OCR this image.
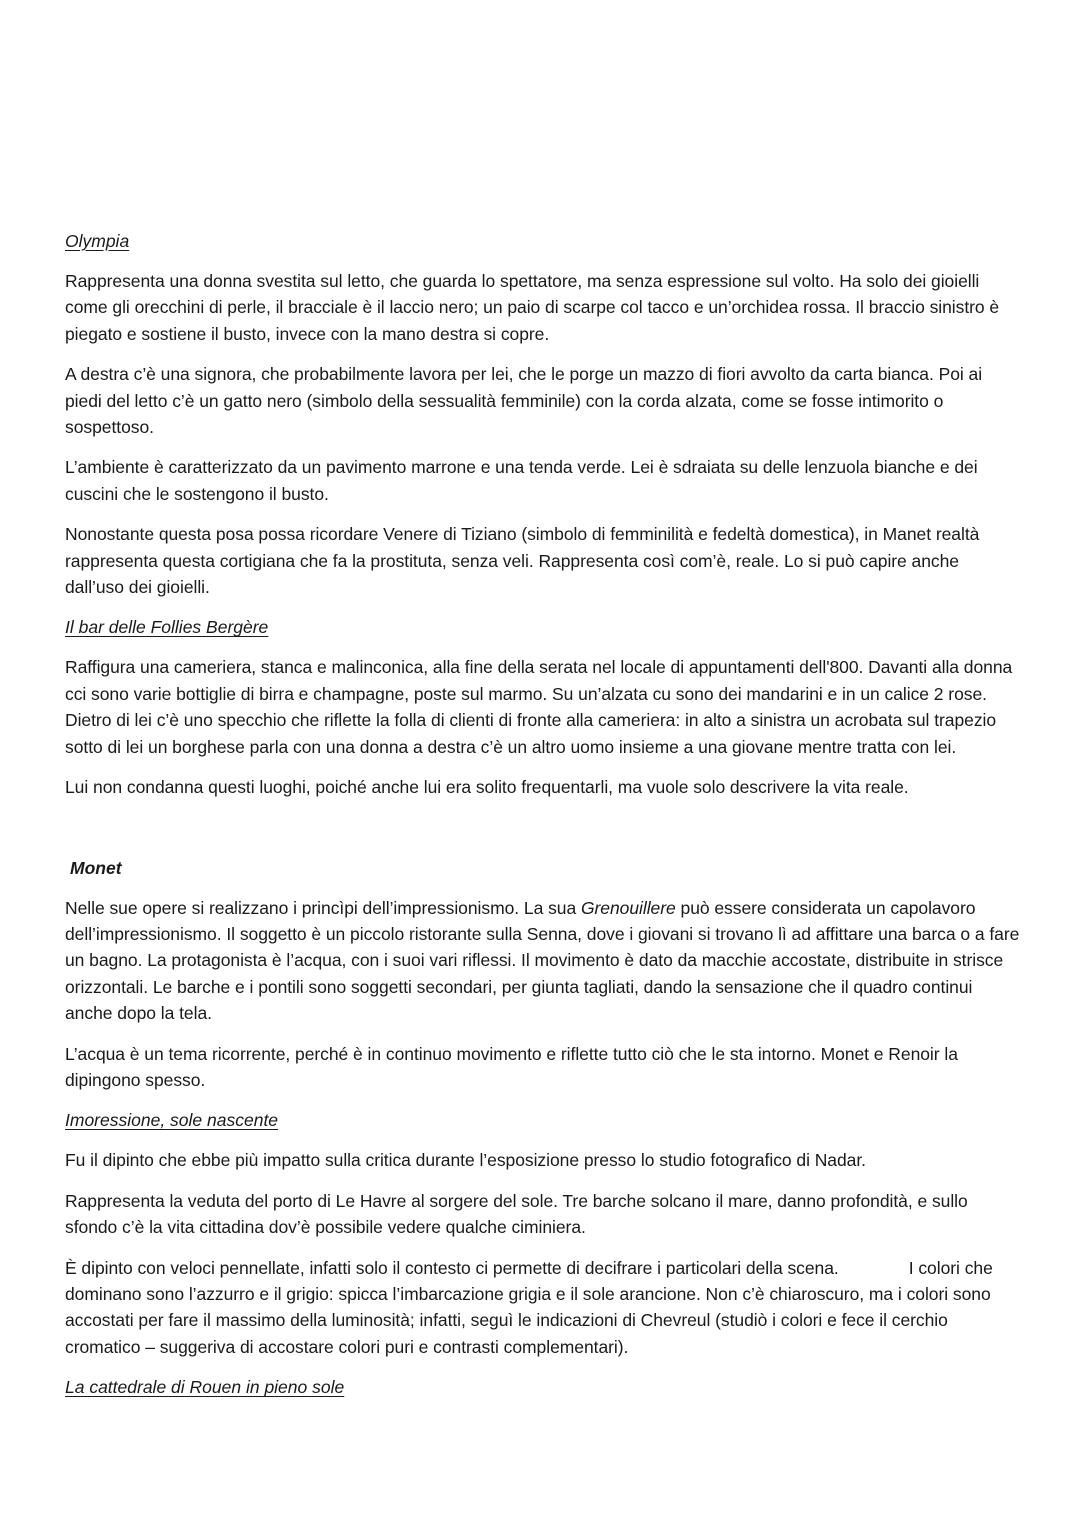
Olympia

Rappresenta una donna svestita sul letto, che guarda lo spettatore, ma senza espressione sul volto. Ha solo dei gioielli come gli orecchini di perle, il bracciale è il laccio nero; un paio di scarpe col tacco e un’orchidea rossa. Il braccio sinistro è piegato e sostiene il busto, invece con la mano destra si copre.

A destra c’è una signora, che probabilmente lavora per lei, che le porge un mazzo di fiori avvolto da carta bianca. Poi ai piedi del letto c’è un gatto nero (simbolo della sessualità femminile) con la corda alzata, come se fosse intimorito o sospettoso.

L’ambiente è caratterizzato da un pavimento marrone e una tenda verde. Lei è sdraiata su delle lenzuola bianche e dei cuscini che le sostengono il busto.

Nonostante questa posa possa ricordare Venere di Tiziano (simbolo di femminilità e fedeltà domestica), in Manet realtà rappresenta questa cortigiana che fa la prostituta, senza veli. Rappresenta così com’è, reale. Lo si può capire anche dall’uso dei gioielli.

Il bar delle Follies Bergère

Raffigura una cameriera, stanca e malinconica, alla fine della serata nel locale di appuntamenti dell'800. Davanti alla donna cci sono varie bottiglie di birra e champagne, poste sul marmo. Su un’alzata cu sono dei mandarini e in un calice 2 rose. Dietro di lei c’è uno specchio che riflette la folla di clienti di fronte alla cameriera: in alto a sinistra un acrobata sul trapezio sotto di lei un borghese parla con una donna a destra c’è un altro uomo insieme a una giovane mentre tratta con lei.

Lui non condanna questi luoghi, poiché anche lui era solito frequentarli, ma vuole solo descrivere la vita reale.

Monet

Nelle sue opere si realizzano i princìpi dell’impressionismo. La sua Grenouillere può essere considerata un capolavoro dell’impressionismo. Il soggetto è un piccolo ristorante sulla Senna, dove i giovani si trovano lì ad affittare una barca o a fare un bagno. La protagonista è l’acqua, con i suoi vari riflessi. Il movimento è dato da macchie accostate, distribuite in strisce orizzontali. Le barche e i pontili sono soggetti secondari, per giunta tagliati, dando la sensazione che il quadro continui anche dopo la tela.

L’acqua è un tema ricorrente, perché è in continuo movimento e riflette tutto ciò che le sta intorno. Monet e Renoir la dipingono spesso.

Imoressione, sole nascente

Fu il dipinto che ebbe più impatto sulla critica durante l’esposizione presso lo studio fotografico di Nadar.

Rappresenta la veduta del porto di Le Havre al sorgere del sole. Tre barche solcano il mare, danno profondità, e sullo sfondo c’è la vita cittadina dov’è possibile vedere qualche ciminiera.

È dipinto con veloci pennellate, infatti solo il contesto ci permette di decifrare i particolari della scena.	I colori che dominano sono l’azzurro e il grigio: spicca l’imbarcazione grigia e il sole arancione. Non c’è chiaroscuro, ma i colori sono accostati per fare il massimo della luminosità; infatti, seguì le indicazioni di Chevreul (studiò i colori e fece il cerchio cromatico – suggeriva di accostare colori puri e contrasti complementari).

La cattedrale di Rouen in pieno sole
